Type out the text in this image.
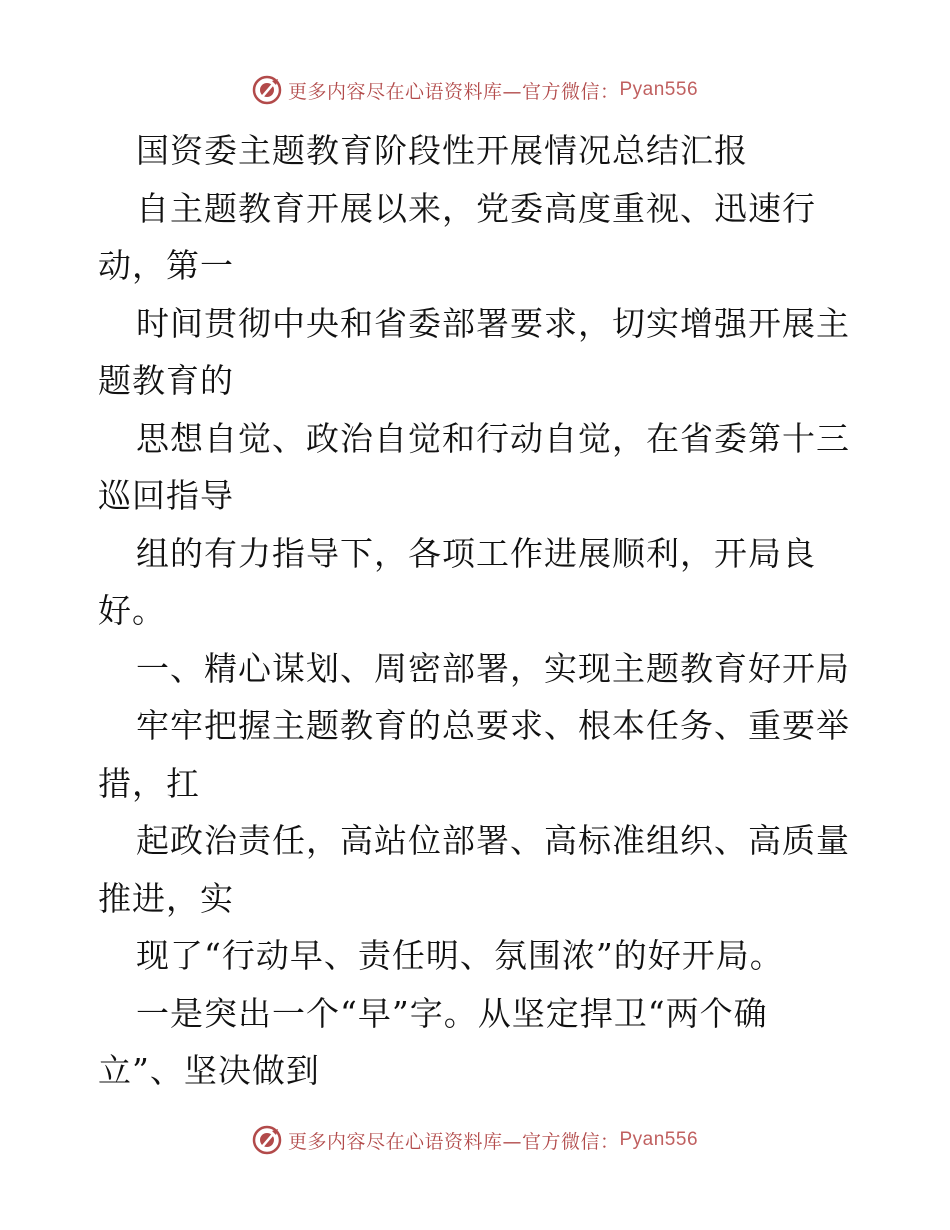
更多内容尽在心语资料库—官方微信： Pyan556
国资委主题教育阶段性开展情况总结汇报
自主题教育开展以来，党委高度重视、迅速行
动，第一
时间贯彻中央和省委部署要求，切实增强开展主
题教育的
思想自觉、政治自觉和行动自觉，在省委第十三
巡回指导
组的有力指导下，各项工作进展顺利，开局良
好。
一、精心谋划、周密部署，实现主题教育好开局
牢牢把握主题教育的总要求、根本任务、重要举
措，扛
起政治责任，高站位部署、高标准组织、高质量
推进，实
现了“行动早、责任明、氛围浓”的好开局。
一是突出一个“早”字。从坚定捍卫“两个确
立”、坚决做到
更多内容尽在心语资料库—官方微信： Pyan556
